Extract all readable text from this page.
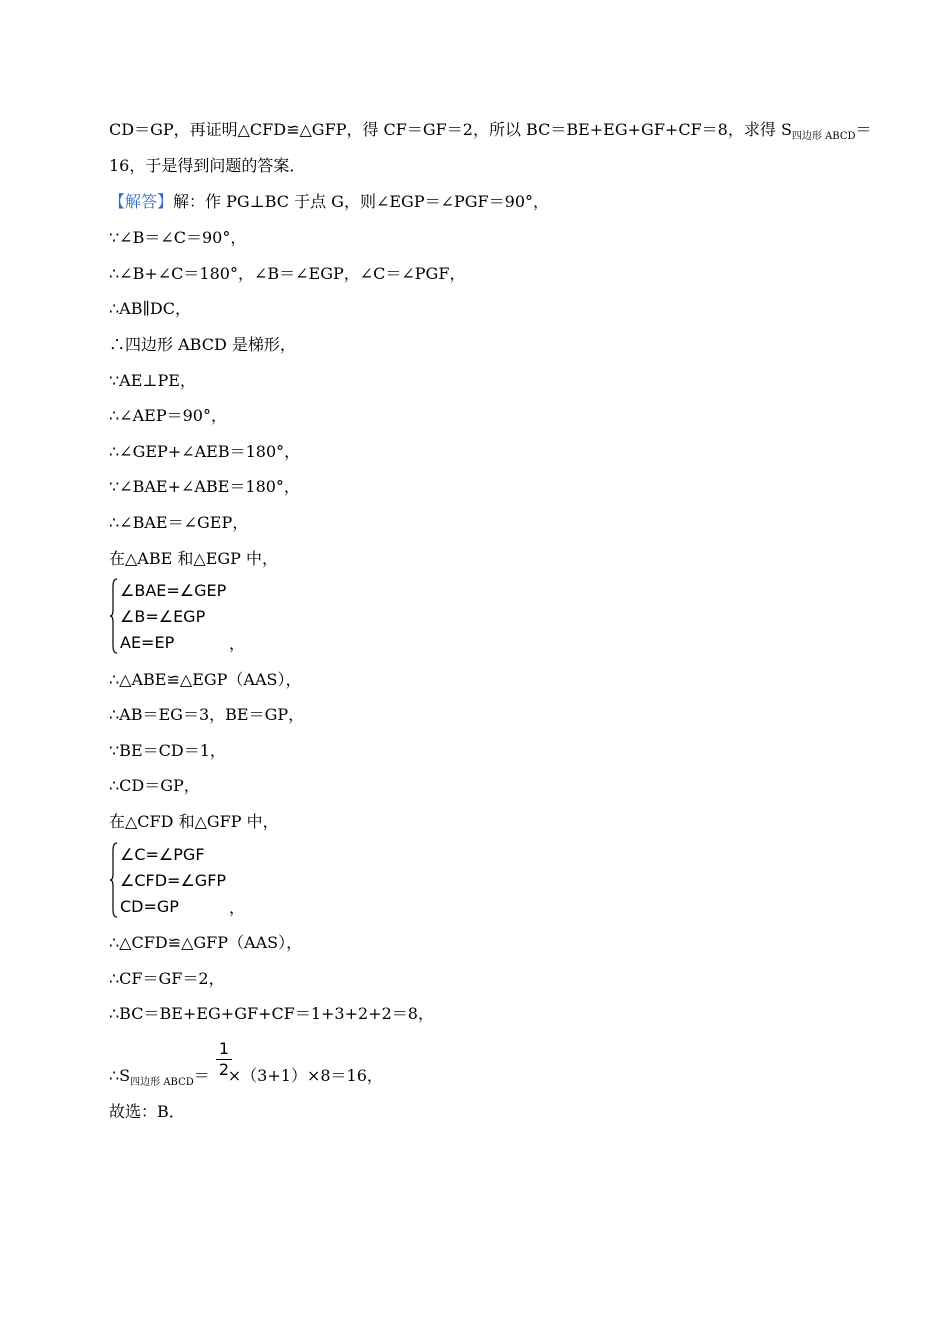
CD＝GP，再证明△CFD≌△GFP，得 CF＝GF＝2，所以 BC＝BE+EG+GF+CF＝8，求得 $S_{四边形 ABCD}=$
16，于是得到问题的答案．
【解答】解：作 PG⊥BC 于点 G，则∠EGP＝∠PGF＝90°，
∵∠B＝∠C＝90°，
∴∠B+∠C＝180°，∠B＝∠EGP，∠C＝∠PGF，
∴AB∥DC，
∴四边形 ABCD 是梯形，
∵AE⊥PE，
∴∠AEP＝90°，
∴∠GEP+∠AEB＝180°，
∵∠BAE+∠ABE＝180°，
∴∠BAE＝∠GEP，
在△ABE 和△EGP 中，
∠BAE=∠GEP
∠B=∠EGP
AE=EP	，
∴△ABE≌△EGP（AAS），
∴AB＝EG＝3，BE＝GP，
∵BE＝CD＝1，
∴CD＝GP，
在△CFD 和△GFP 中，
∠C=∠PGF
∠CFD=∠GFP
CD=GP	，
∴△CFD≌△GFP（AAS），
∴CF＝GF＝2，
∴BC＝BE+EG+GF+CF＝1+3+2+2＝8，
$\therefore S_{四边形 ABCD}= \times(3+1)\times 8=16$，
1
2
故选：B．
